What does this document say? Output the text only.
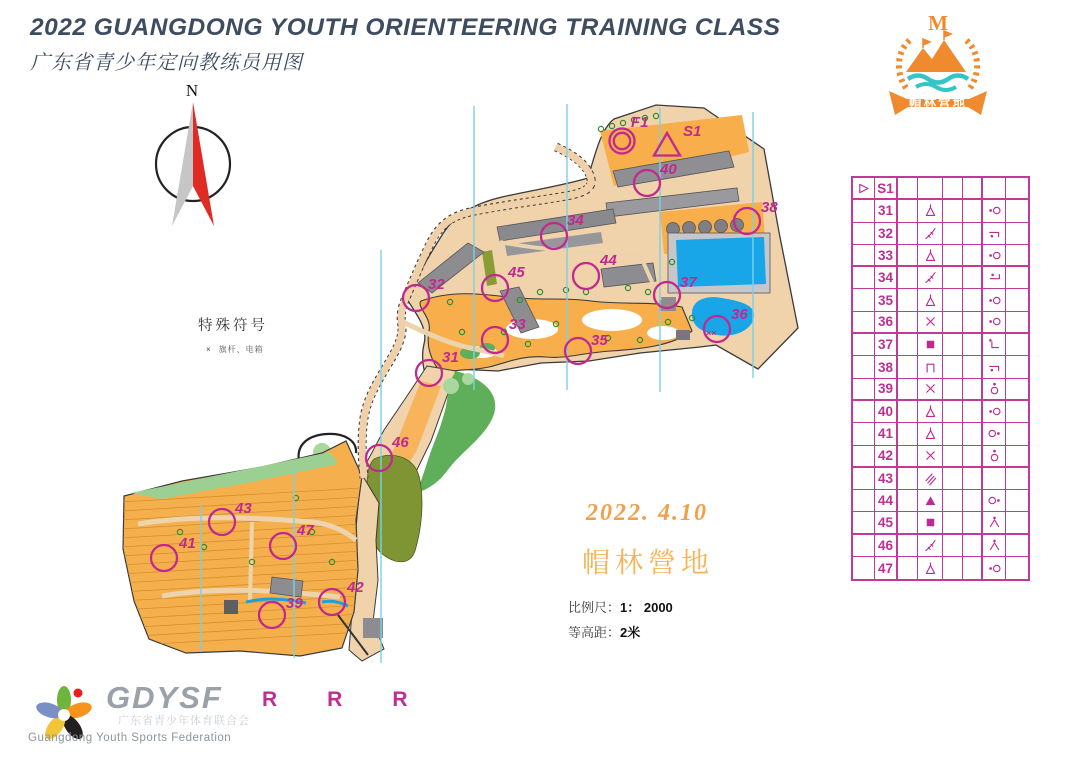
2022 GUANGDONG YOUTH ORIENTEERING TRAINING CLASS
广东省青少年定向教练员用图
M
帽林营地
N
特殊符号
× 旗杆、电箱
40
38
34
44
45
32	37
36
33
35
31
46
43
47
41
42
39
S1
F1
××
2022. 4.10
帽林營地
比例尺：1： 2000
等高距：2米
S1
31
32
33
34
35
36
37
38
39
40
41
42
43
44
45
46
47
GDYSF
广东省青少年体育联合会
Guangdong Youth Sports Federation
R R R
